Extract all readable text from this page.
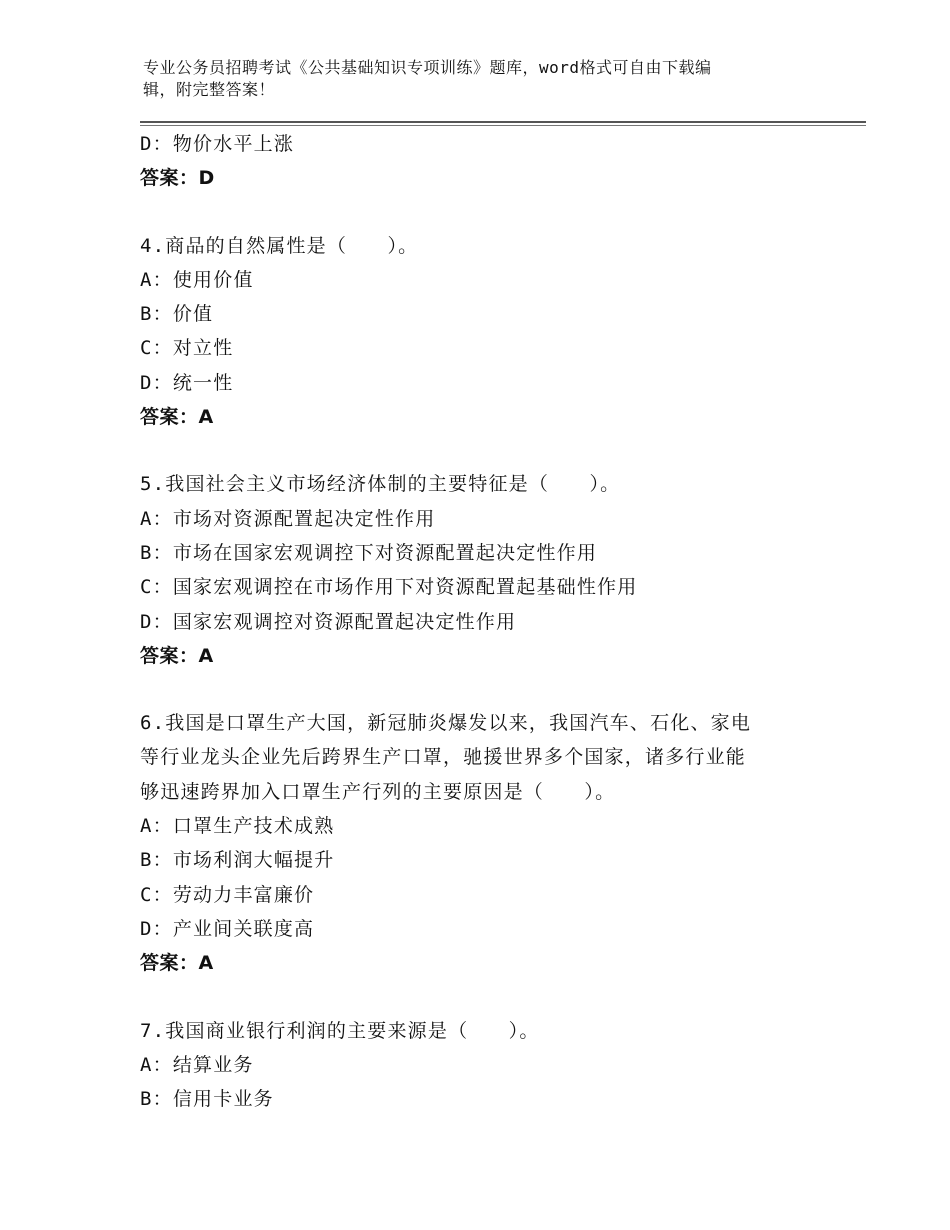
专业公务员招聘考试《公共基础知识专项训练》题库，word格式可自由下载编
辑，附完整答案！
D：物价水平上涨
答案：D
4.商品的自然属性是（　　）。
A：使用价值
B：价值
C：对立性
D：统一性
答案：A
5.我国社会主义市场经济体制的主要特征是（　　）。
A：市场对资源配置起决定性作用
B：市场在国家宏观调控下对资源配置起决定性作用
C：国家宏观调控在市场作用下对资源配置起基础性作用
D：国家宏观调控对资源配置起决定性作用
答案：A
6.我国是口罩生产大国，新冠肺炎爆发以来，我国汽车、石化、家电
等行业龙头企业先后跨界生产口罩，驰援世界多个国家，诸多行业能
够迅速跨界加入口罩生产行列的主要原因是（　　）。
A：口罩生产技术成熟
B：市场利润大幅提升
C：劳动力丰富廉价
D：产业间关联度高
答案：A
7.我国商业银行利润的主要来源是（　　）。
A：结算业务
B：信用卡业务
